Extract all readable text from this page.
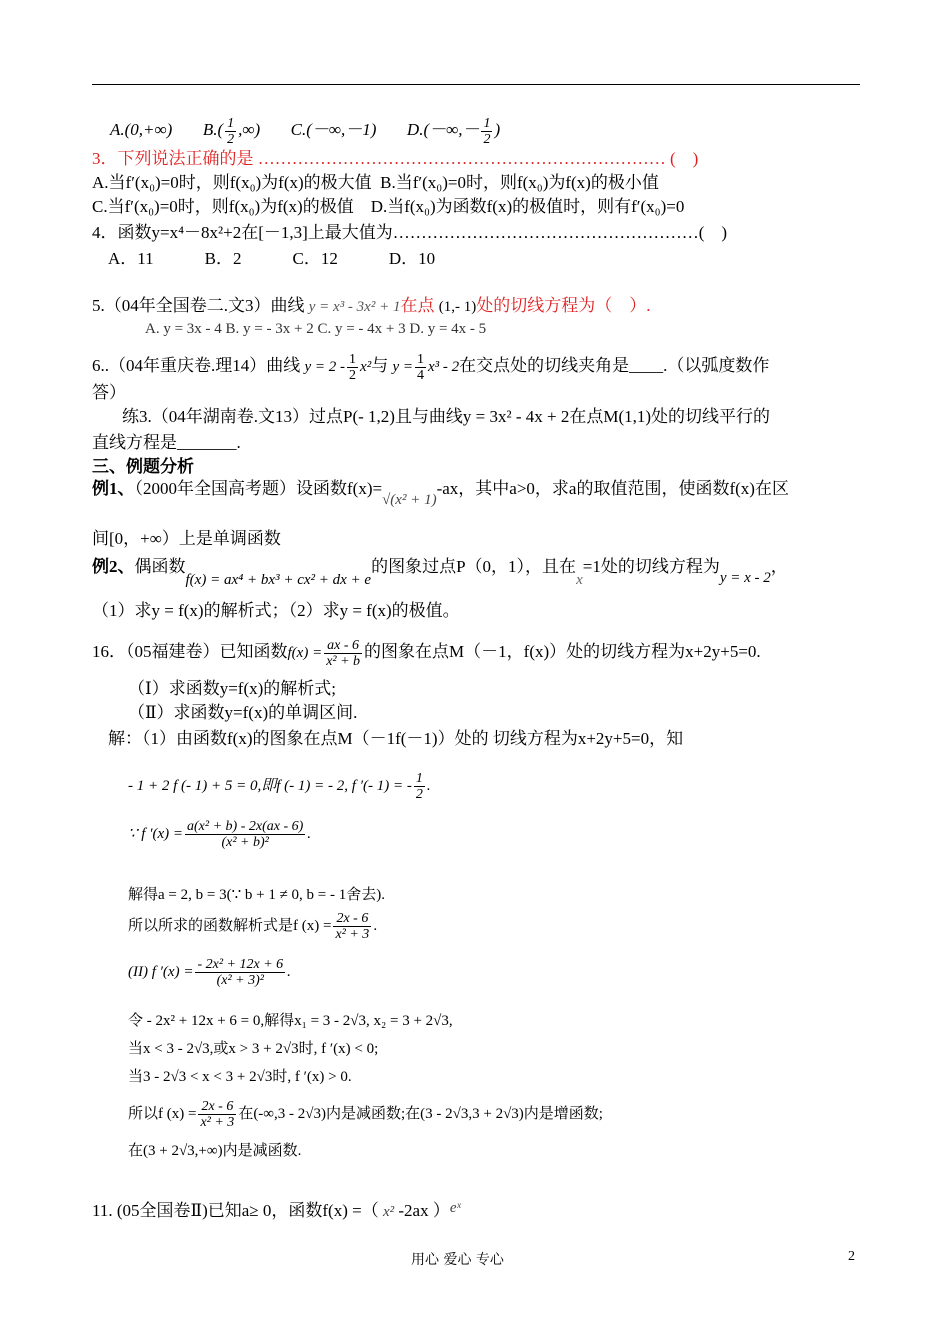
A.(0,+∞) $B.( \frac{1}{2}$ ,∞) C.(－∞,－1) $D.(-\infty,- \frac{1}{2}$ )
3．下列说法正确的是 ……………………………………………………………… (　)
A.当f′(x₀)=0时，则f(x₀)为f(x)的极大值 B.当f′(x₀)=0时，则f(x₀)为f(x)的极小值
C.当f′(x₀)=0时，则f(x₀)为f(x)的极值 D.当f(x₀)为函数f(x)的极值时，则有f′(x₀)=0
4．函数y=x⁴－8x²+2在[－1,3]上最大值为………………………………………………(　)
A．11　　　B．2　　　C．12　　　D．10
5.（04年全国卷二.文3）曲线 y = x³ - 3x² + 1在点 (1,- 1)处的切线方程为（　）.
A. y = 3x - 4 B. y = - 3x + 2 C. y = - 4x + 3 D. y = 4x - 5
6..（04年重庆卷.理14）曲线 $y = 2 - \frac{1}{2} x^2$与 $y = \frac{1}{4} x^3 - 2$在交点处的切线夹角是____.（以弧度数作
答）
练3.（04年湖南卷.文13）过点P(- 1,2)且与曲线y = 3x² - 4x + 2在点M(1,1)处的切线平行的
直线方程是_______.
三、例题分析
例1、（2000年全国高考题）设函数f(x)=√(x² + 1)-ax，其中a>0，求a的取值范围，使函数f(x)在区
间[0，+∞）上是单调函数
例2、偶函数f(x) = ax⁴ + bx³ + cx² + dx + e的图象过点P（0，1），且在x=1处的切线方程为y = x - 2，
（1）求y = f(x)的解析式；（2）求y = f(x)的极值。
16．（05福建卷）已知函数$f(x) = \frac{ax - 6}{\text{x² + b}}$ 的图象在点M（－1，f(x)）处的切线方程为x+2y+5=0.
（Ⅰ）求函数y=f(x)的解析式;
（Ⅱ）求函数y=f(x)的单调区间.
解：（1）由函数f(x)的图象在点M（－1f(－1)）处的 切线方程为x+2y+5=0，知
- 1 + 2 f (- 1) + 5 = 0,即f (- 1) = - 2, f ′(- 1) = - $\frac{1}{2}$ .
∵ f $'(x) = \frac{\text{a(x² + b) - 2x(ax - 6)}}{\text{(x² + b)²}}$ .
解得a = 2, b = 3(∵ b + 1 ≠ 0, b = - 1舍去).
所以所求的函数解析式是f $(x) = \frac{2x - 6}{\text{x² + 3}}$ .
(II) f $'(x) = \frac{\text{- 2x² + 12x + 6}}{\text{(x² + 3)²}}$ .
令 - 2x² + 12x + 6 = 0,解得x₁ = 3 - 2√3, x₂ = 3 + 2√3,
当x < 3 - 2√3,或x > 3 + 2√3时, f ′(x) < 0;
当3 - 2√3 < x < 3 + 2√3时, f ′(x) > 0.
所以f $(x) = \frac{2x - 6}{\text{x² + 3}}$ 在(-∞,3 - 2√3)内是减函数;在(3 - 2√3,3 + 2√3)内是增函数;
在(3 + 2√3,+∞)内是减函数.
11. (05全国卷Ⅱ)已知a≥ 0，函数f(x) =（ x² -2ax ）eˣ
用心 爱心 专心	2
